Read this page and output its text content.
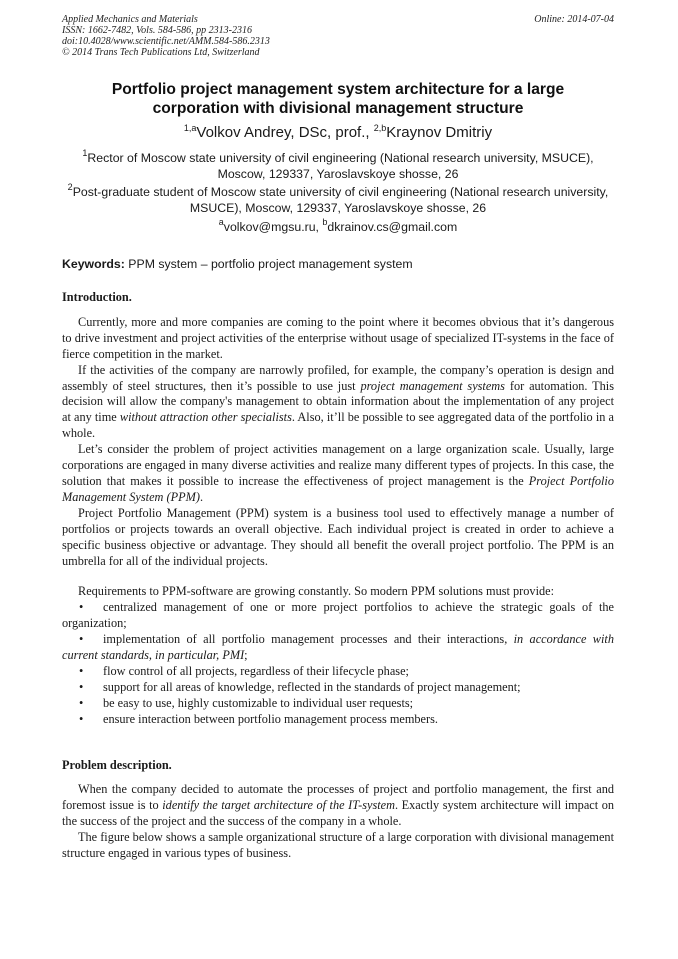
Applied Mechanics and Materials
ISSN: 1662-7482, Vols. 584-586, pp 2313-2316
doi:10.4028/www.scientific.net/AMM.584-586.2313
© 2014 Trans Tech Publications Ltd, Switzerland
Online: 2014-07-04
Portfolio project management system architecture for a large
corporation with divisional management structure
$^{1,a}$Volkov Andrey, DSc, prof., $^{2,b}$Kraynov Dmitriy
$^1$Rector of Moscow state university of civil engineering (National research university, MSUCE),
Moscow, 129337, Yaroslavskoye shosse, 26
$^2$Post-graduate student of Moscow state university of civil engineering (National research university,
MSUCE), Moscow, 129337, Yaroslavskoye shosse, 26
$^a$volkov@mgsu.ru, $^b$dkrainov.cs@gmail.com
Keywords: PPM system – portfolio project management system
Introduction.

Currently, more and more companies are coming to the point where it becomes obvious that it’s dangerous to drive investment and project activities of the enterprise without usage of specialized IT-systems in the face of fierce competition in the market.

If the activities of the company are narrowly profiled, for example, the company’s operation is design and assembly of steel structures, then it’s possible to use just project management systems for automation. This decision will allow the company's management to obtain information about the implementation of any project at any time without attraction other specialists. Also, it’ll be possible to see aggregated data of the portfolio in a whole.

Let’s consider the problem of project activities management on a large organization scale. Usually, large corporations are engaged in many diverse activities and realize many different types of projects. In this case, the solution that makes it possible to increase the effectiveness of project management is the Project Portfolio Management System (PPM).

Project Portfolio Management (PPM) system is a business tool used to effectively manage a number of portfolios or projects towards an overall objective. Each individual project is created in order to achieve a specific business objective or advantage. They should all benefit the overall project portfolio. The PPM is an umbrella for all of the individual projects.

Requirements to PPM-software are growing constantly. So modern PPM solutions must provide:

• centralized management of one or more project portfolios to achieve the strategic goals of the organization;

• implementation of all portfolio management processes and their interactions, in accordance with current standards, in particular, PMI;

• flow control of all projects, regardless of their lifecycle phase;

• support for all areas of knowledge, reflected in the standards of project management;

• be easy to use, highly customizable to individual user requests;

• ensure interaction between portfolio management process members.

Problem description.

When the company decided to automate the processes of project and portfolio management, the first and foremost issue is to identify the target architecture of the IT-system. Exactly system architecture will impact on the success of the project and the success of the company in a whole.

The figure below shows a sample organizational structure of a large corporation with divisional management structure engaged in various types of business.
